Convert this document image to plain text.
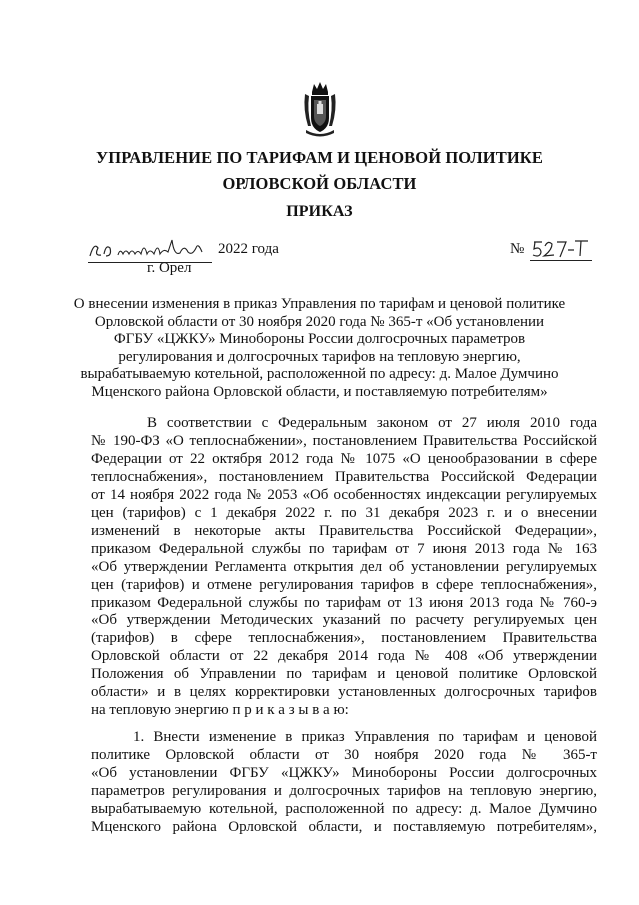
УПРАВЛЕНИЕ ПО ТАРИФАМ И ЦЕНОВОЙ ПОЛИТИКЕ
ОРЛОВСКОЙ ОБЛАСТИ
ПРИКАЗ
2022 года
г. Орел
№
О внесении изменения в приказ Управления по тарифам и ценовой политике
Орловской области от 30 ноября 2020 года № 365-т «Об установлении
ФГБУ «ЦЖКУ» Минобороны России долгосрочных параметров
регулирования и долгосрочных тарифов на тепловую энергию,
вырабатываемую котельной, расположенной по адресу: д. Малое Думчино
Мценского района Орловской области, и поставляемую потребителям»
В соответствии с Федеральным законом от 27 июля 2010 года
№ 190-ФЗ «О теплоснабжении», постановлением Правительства Российской
Федерации от 22 октября 2012 года № 1075 «О ценообразовании в сфере
теплоснабжения», постановлением Правительства Российской Федерации
от 14 ноября 2022 года № 2053 «Об особенностях индексации регулируемых
цен (тарифов) с 1 декабря 2022 г. по 31 декабря 2023 г. и о внесении
изменений в некоторые акты Правительства Российской Федерации»,
приказом Федеральной службы по тарифам от 7 июня 2013 года № 163
«Об утверждении Регламента открытия дел об установлении регулируемых
цен (тарифов) и отмене регулирования тарифов в сфере теплоснабжения»,
приказом Федеральной службы по тарифам от 13 июня 2013 года № 760-э
«Об утверждении Методических указаний по расчету регулируемых цен
(тарифов) в сфере теплоснабжения», постановлением Правительства
Орловской области от 22 декабря 2014 года № 408 «Об утверждении
Положения об Управлении по тарифам и ценовой политике Орловской
области» и в целях корректировки установленных долгосрочных тарифов
на тепловую энергию п р и к а з ы в а ю:
1. Внести изменение в приказ Управления по тарифам и ценовой
политике Орловской области от 30 ноября 2020 года № 365-т
«Об установлении ФГБУ «ЦЖКУ» Минобороны России долгосрочных
параметров регулирования и долгосрочных тарифов на тепловую энергию,
вырабатываемую котельной, расположенной по адресу: д. Малое Думчино
Мценского района Орловской области, и поставляемую потребителям»,
